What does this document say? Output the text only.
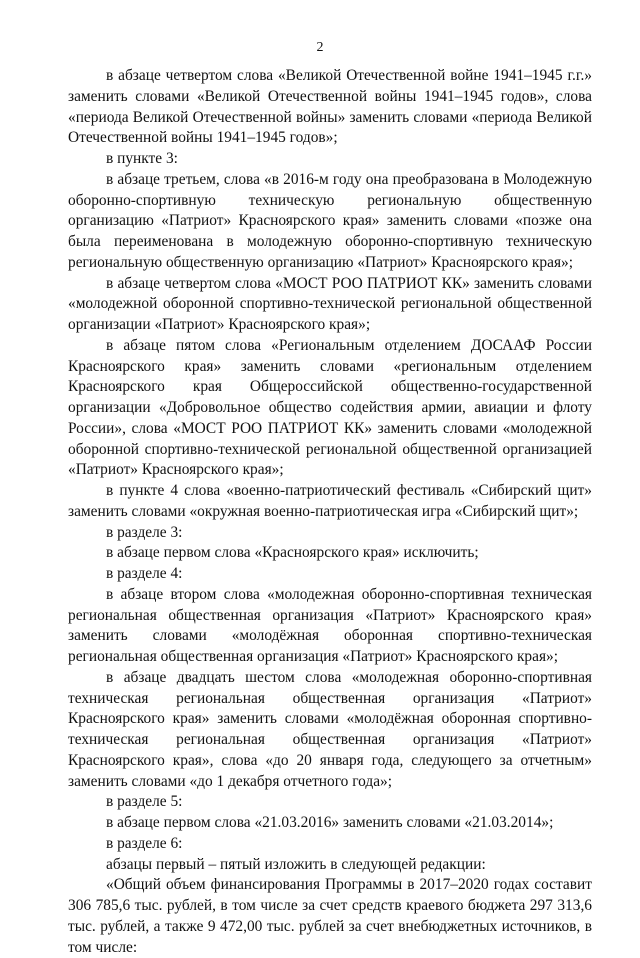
2

в абзаце четвертом слова «Великой Отечественной войне 1941–1945 г.г.» заменить словами «Великой Отечественной войны 1941–1945 годов», слова «периода Великой Отечественной войны» заменить словами «периода Великой Отечественной войны 1941–1945 годов»;

в пункте 3:

в абзаце третьем, слова «в 2016-м году она преобразована в Молодежную оборонно-спортивную техническую региональную общественную организацию «Патриот» Красноярского края» заменить словами «позже она была переименована в молодежную оборонно-спортивную техническую региональную общественную организацию «Патриот» Красноярского края»;

в абзаце четвертом слова «МОСТ РОО ПАТРИОТ КК» заменить словами «молодежной оборонной спортивно-технической региональной общественной организации «Патриот» Красноярского края»;

в абзаце пятом слова «Региональным отделением ДОСААФ России Красноярского края» заменить словами «региональным отделением Красноярского края Общероссийской общественно-государственной организации «Добровольное общество содействия армии, авиации и флоту России», слова «МОСТ РОО ПАТРИОТ КК» заменить словами «молодежной оборонной спортивно-технической региональной общественной организацией «Патриот» Красноярского края»;

в пункте 4 слова «военно-патриотический фестиваль «Сибирский щит» заменить словами «окружная военно-патриотическая игра «Сибирский щит»;

в разделе 3:

в абзаце первом слова «Красноярского края» исключить;

в разделе 4:

в абзаце втором слова «молодежная оборонно-спортивная техническая региональная общественная организация «Патриот» Красноярского края» заменить словами «молодёжная оборонная спортивно-техническая региональная общественная организация «Патриот» Красноярского края»;

в абзаце двадцать шестом слова «молодежная оборонно-спортивная техническая региональная общественная организация «Патриот» Красноярского края» заменить словами «молодёжная оборонная спортивно-техническая региональная общественная организация «Патриот» Красноярского края», слова «до 20 января года, следующего за отчетным» заменить словами «до 1 декабря отчетного года»;

в разделе 5:

в абзаце первом слова «21.03.2016» заменить словами «21.03.2014»;

в разделе 6:

абзацы первый – пятый изложить в следующей редакции:

«Общий объем финансирования Программы в 2017–2020 годах составит 306 785,6 тыс. рублей, в том числе за счет средств краевого бюджета 297 313,6 тыс. рублей, а также 9 472,00 тыс. рублей за счет внебюджетных источников, в том числе:
